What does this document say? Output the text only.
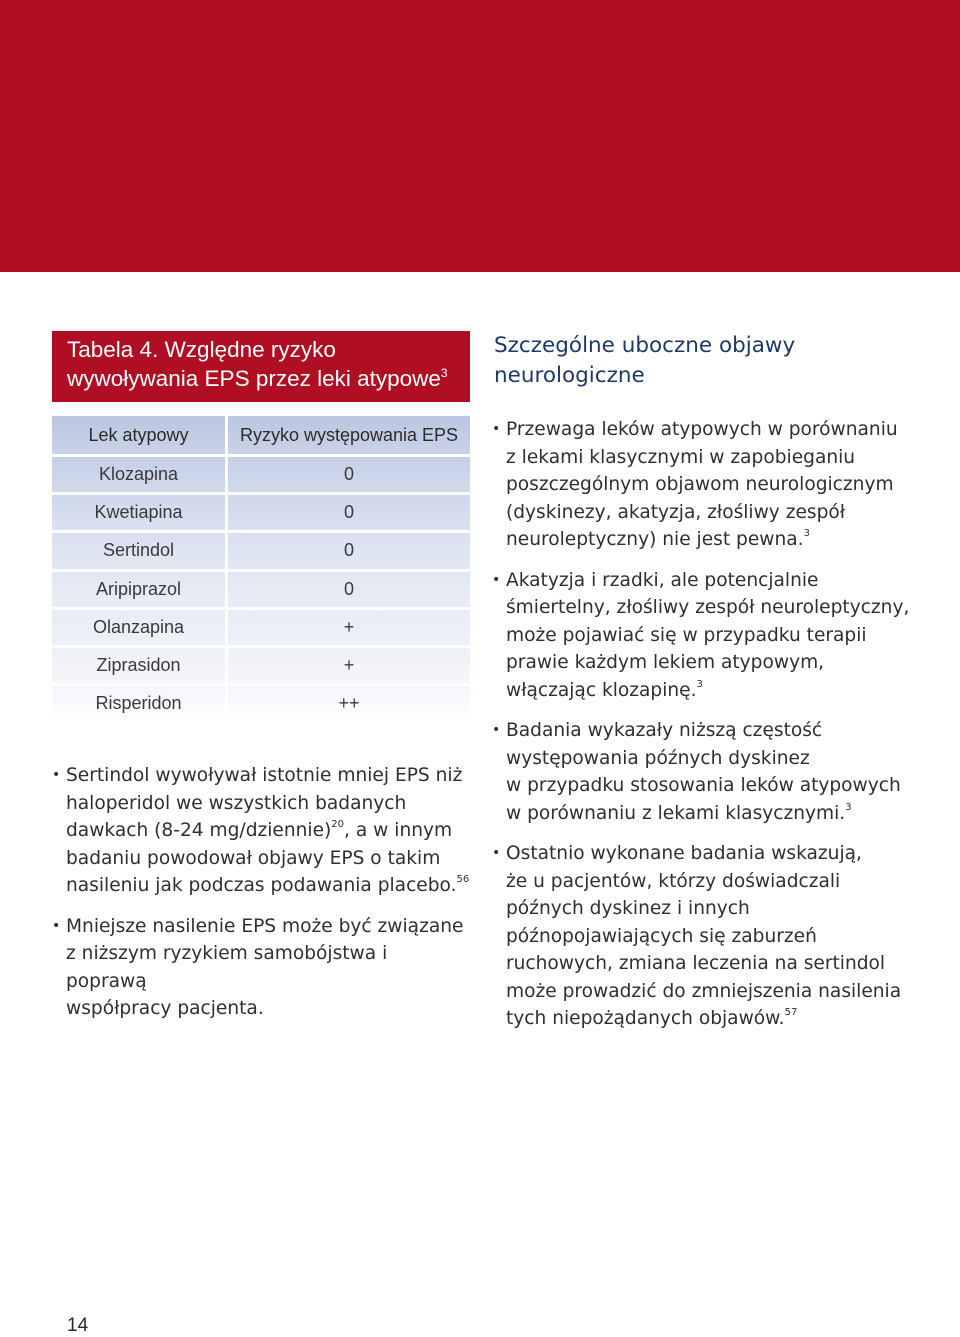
Tabela 4. Względne ryzyko
wywoływania EPS przez leki atypowe$^3$
Lek atypowy	Ryzyko występowania EPS
Klozapina	0
Kwetiapina	0
Sertindol	0
Aripiprazol	0
Olanzapina	+
Ziprasidon	+
Risperidon	++
• Sertindol wywoływał istotnie mniej EPS niż
haloperidol we wszystkich badanych
dawkach (8-24 mg/dziennie)$^{20}$, a w innym
badaniu powodował objawy EPS o takim
nasileniu jak podczas podawania placebo.$^{56}$
• Mniejsze nasilenie EPS może być związane
z niższym ryzykiem samobójstwa i poprawą
współpracy pacjenta.
Szczególne uboczne objawy
neurologiczne
• Przewaga leków atypowych w porównaniu
z lekami klasycznymi w zapobieganiu
poszczególnym objawom neurologicznym
(dyskinezy, akatyzja, złośliwy zespół
neuroleptyczny) nie jest pewna.$^3$
• Akatyzja i rzadki, ale potencjalnie
śmiertelny, złośliwy zespół neuroleptyczny,
może pojawiać się w przypadku terapii
prawie każdym lekiem atypowym,
włączając klozapinę.$^3$
• Badania wykazały niższą częstość
występowania późnych dyskinez
w przypadku stosowania leków atypowych
w porównaniu z lekami klasycznymi.$^3$
• Ostatnio wykonane badania wskazują,
że u pacjentów, którzy doświadczali
późnych dyskinez i innych
późnopojawiających się zaburzeń
ruchowych, zmiana leczenia na sertindol
może prowadzić do zmniejszenia nasilenia
tych niepożądanych objawów.$^{57}$
14
